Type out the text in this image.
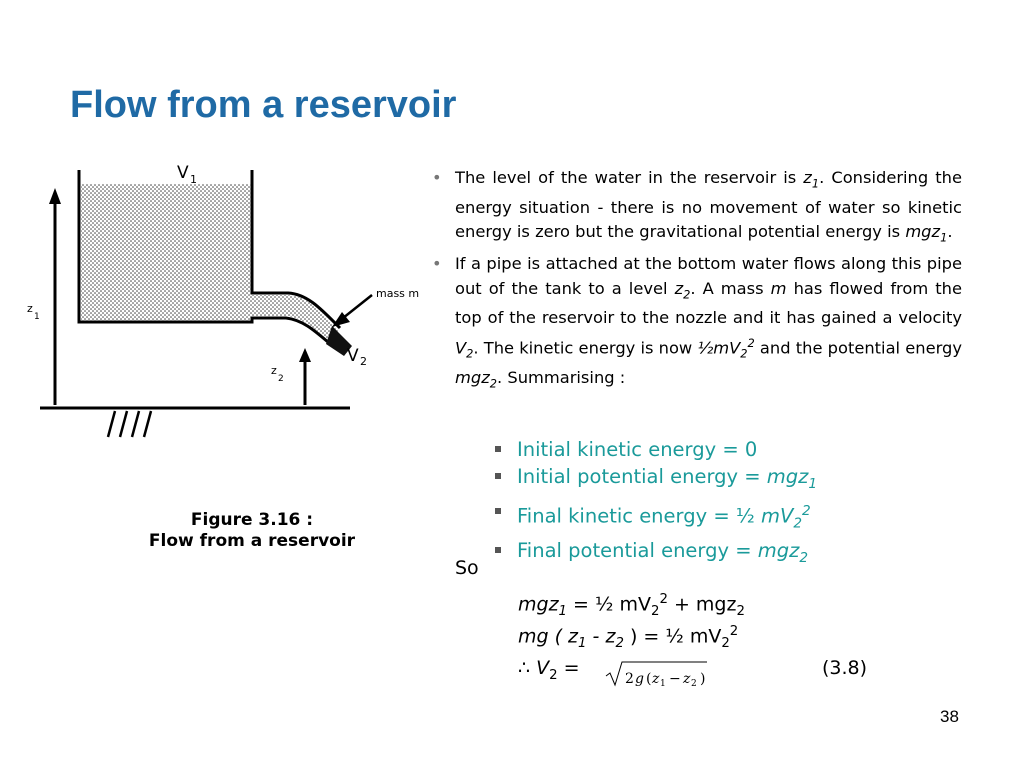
Flow from a reservoir
V 1
V 2
z 1
z 2
mass m
Figure 3.16 :
Flow from a reservoir
• The level of the water in the reservoir is $z_1$. Considering the energy situation - there is no movement of water so kinetic energy is zero but the gravitational potential energy is mgz$_1$.
• If a pipe is attached at the bottom water flows along this pipe out of the tank to a level $z_2$. A mass m has flowed from the top of the reservoir to the nozzle and it has gained a velocity $V_2$. The kinetic energy is now $\frac{1}{2}mV_2^2$ and the potential energy mgz$_2$. Summarising :
Initial kinetic energy = 0
Initial potential energy = mgz$_1$
Final kinetic energy = ½ $mV_2^2$
Final potential energy = mgz$_2$
So
mgz$_1$ = ½ $mV_2^2 + mgz_2$
mg ( $z_1 - z_2$ ) = ½ $mV_2^2$
∴ $V_2$ =	2 g ( z 1 − z 2 )	(3.8)
38
